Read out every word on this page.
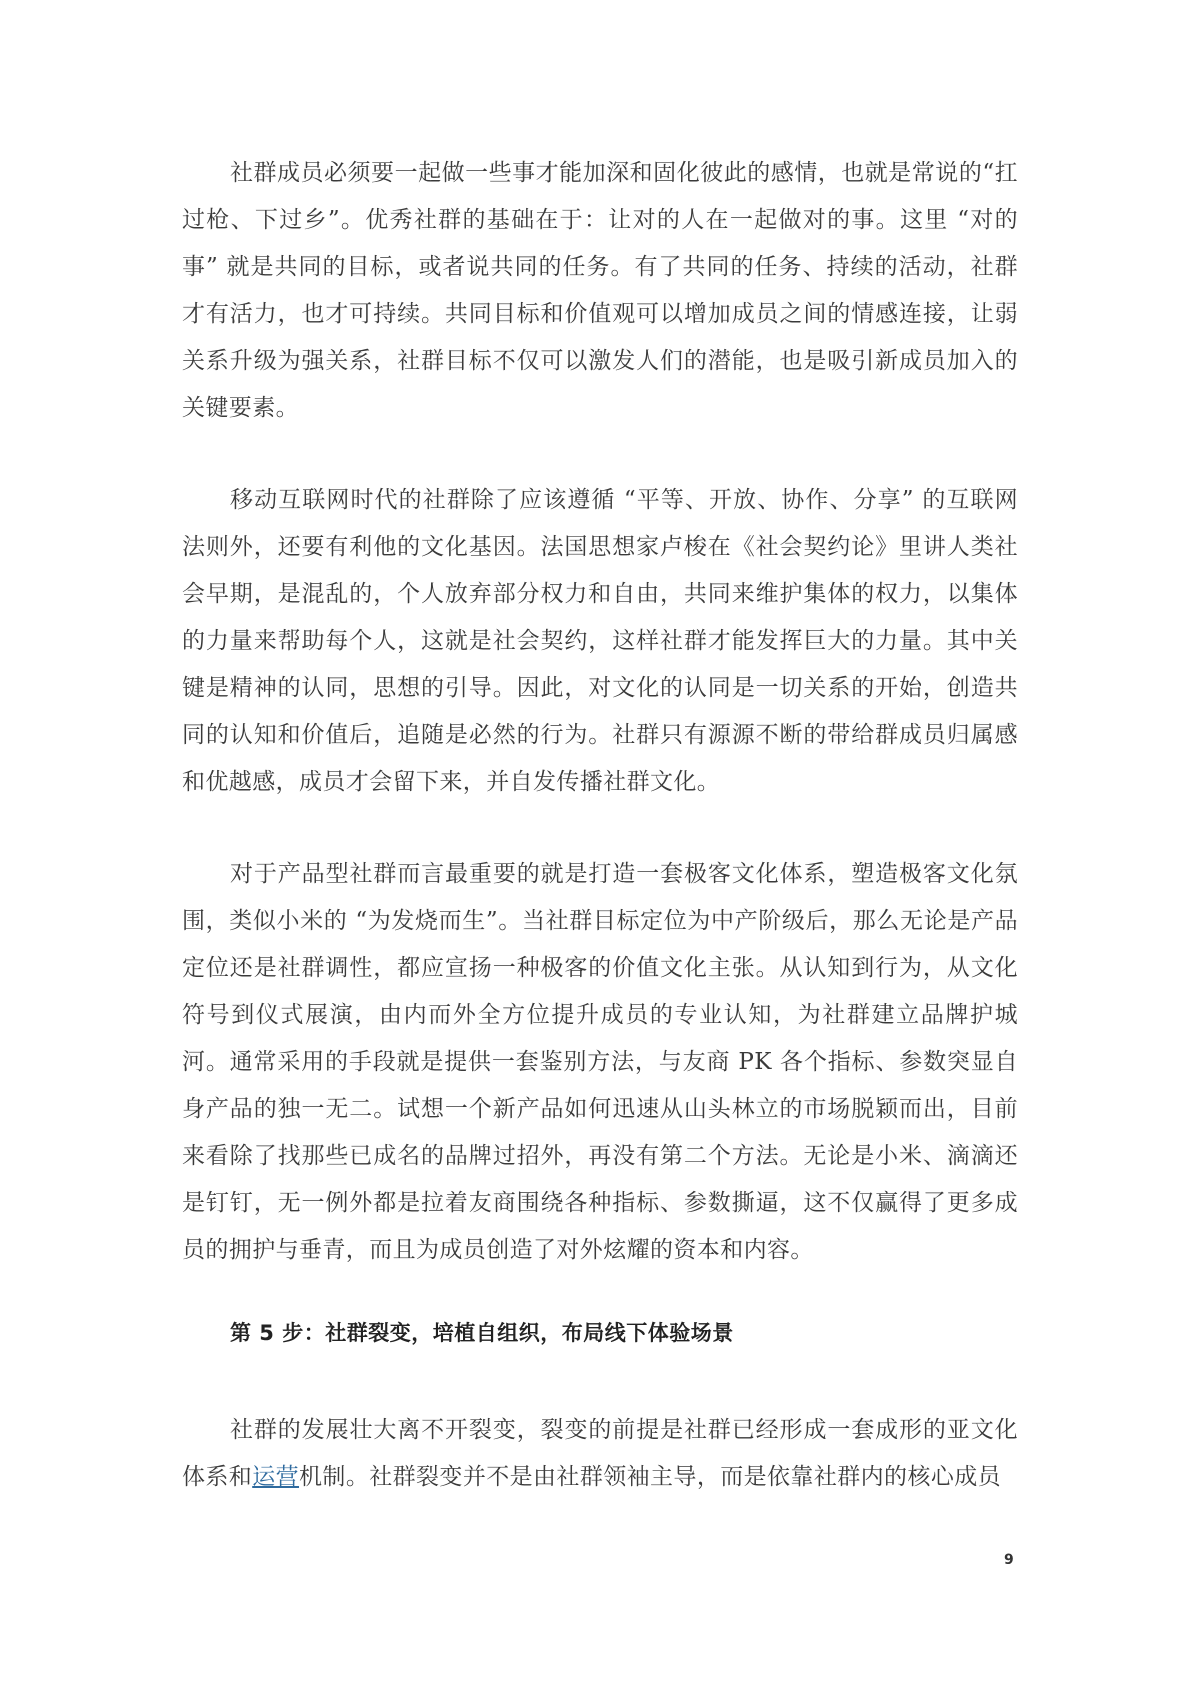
社群成员必须要一起做一些事才能加深和固化彼此的感情，也就是常说的“扛过枪、下过乡”。优秀社群的基础在于：让对的人在一起做对的事。这里 “对的事” 就是共同的目标，或者说共同的任务。有了共同的任务、持续的活动，社群才有活力，也才可持续。共同目标和价值观可以增加成员之间的情感连接，让弱关系升级为强关系，社群目标不仅可以激发人们的潜能，也是吸引新成员加入的关键要素。

移动互联网时代的社群除了应该遵循 “平等、开放、协作、分享” 的互联网法则外，还要有利他的文化基因。法国思想家卢梭在《社会契约论》里讲人类社会早期，是混乱的，个人放弃部分权力和自由，共同来维护集体的权力，以集体的力量来帮助每个人，这就是社会契约，这样社群才能发挥巨大的力量。其中关键是精神的认同，思想的引导。因此，对文化的认同是一切关系的开始，创造共同的认知和价值后，追随是必然的行为。社群只有源源不断的带给群成员归属感和优越感，成员才会留下来，并自发传播社群文化。

对于产品型社群而言最重要的就是打造一套极客文化体系，塑造极客文化氛围，类似小米的 “为发烧而生”。当社群目标定位为中产阶级后，那么无论是产品定位还是社群调性，都应宣扬一种极客的价值文化主张。从认知到行为，从文化符号到仪式展演，由内而外全方位提升成员的专业认知，为社群建立品牌护城河。通常采用的手段就是提供一套鉴别方法，与友商 PK 各个指标、参数突显自身产品的独一无二。试想一个新产品如何迅速从山头林立的市场脱颖而出，目前来看除了找那些已成名的品牌过招外，再没有第二个方法。无论是小米、滴滴还是钉钉，无一例外都是拉着友商围绕各种指标、参数撕逼，这不仅赢得了更多成员的拥护与垂青，而且为成员创造了对外炫耀的资本和内容。

第 5 步：社群裂变，培植自组织，布局线下体验场景

社群的发展壮大离不开裂变，裂变的前提是社群已经形成一套成形的亚文化体系和运营机制。社群裂变并不是由社群领袖主导，而是依靠社群内的核心成员

9
